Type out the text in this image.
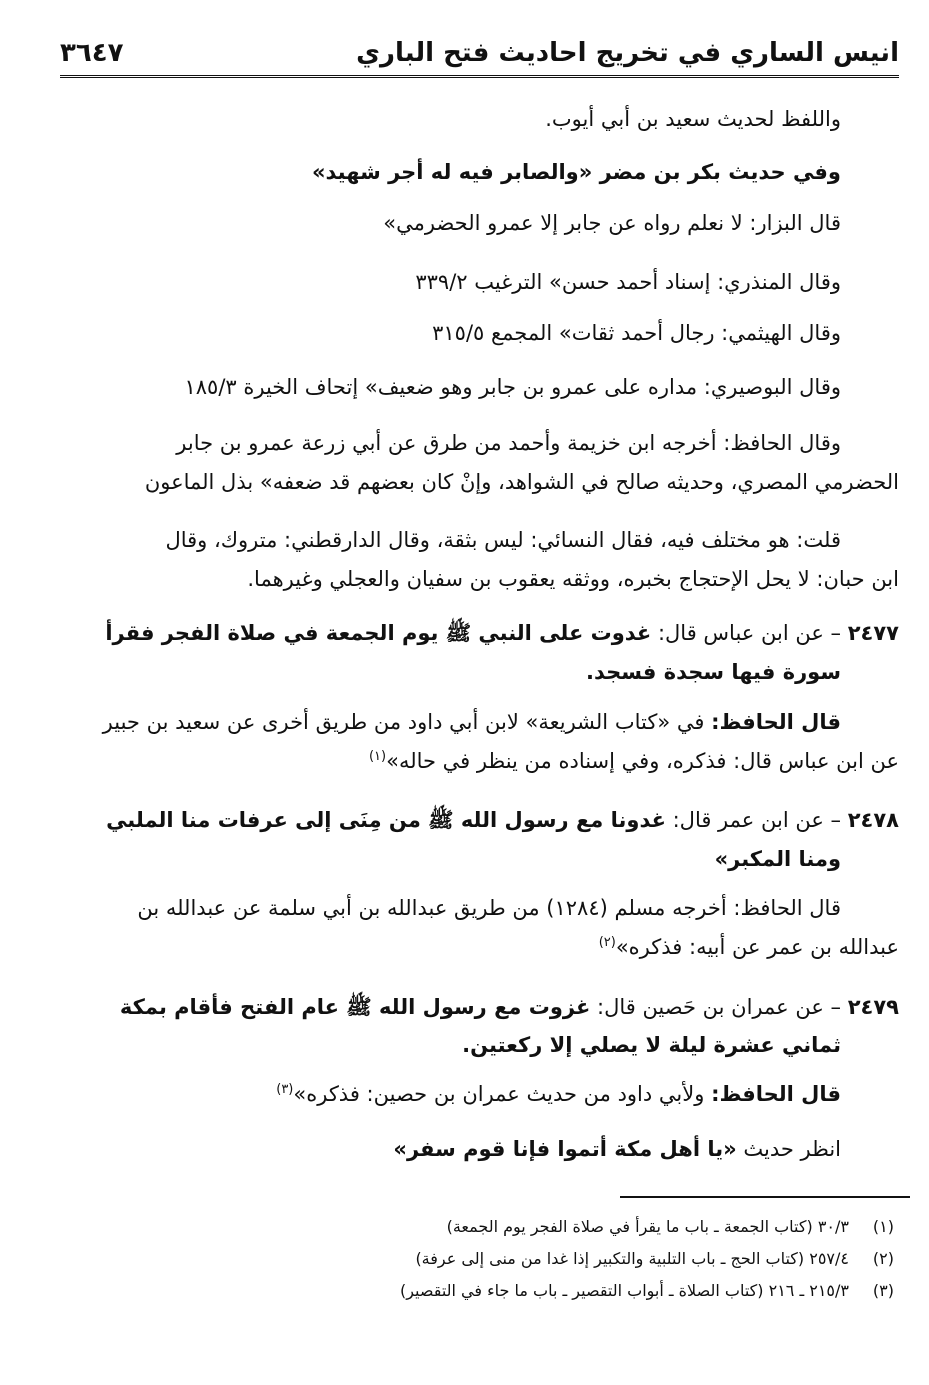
انيس الساري في تخريج احاديث فتح الباري
٣٦٤٧
واللفظ لحديث سعيد بن أبي أيوب.
وفي حديث بكر بن مضر «والصابر فيه له أجر شهيد»
قال البزار: لا نعلم رواه عن جابر إلا عمرو الحضرمي»
وقال المنذري: إسناد أحمد حسن» الترغيب ٣٣٩/٢
وقال الهيثمي: رجال أحمد ثقات» المجمع ٣١٥/٥
وقال البوصيري: مداره على عمرو بن جابر وهو ضعيف» إتحاف الخيرة ١٨٥/٣
وقال الحافظ: أخرجه ابن خزيمة وأحمد من طرق عن أبي زرعة عمرو بن جابر
الحضرمي المصري، وحديثه صالح في الشواهد، وإنْ كان بعضهم قد ضعفه» بذل الماعون
قلت: هو مختلف فيه، فقال النسائي: ليس بثقة، وقال الدارقطني: متروك، وقال
ابن حبان: لا يحل الإحتجاج بخبره، ووثقه يعقوب بن سفيان والعجلي وغيرهما.
٢٤٧٧ – عن ابن عباس قال: غدوت على النبي ﷺ يوم الجمعة في صلاة الفجر فقرأ
سورة فيها سجدة فسجد.
قال الحافظ: في «كتاب الشريعة» لابن أبي داود من طريق أخرى عن سعيد بن جبير
عن ابن عباس قال: فذكره، وفي إسناده من ينظر في حاله»$^{(١)}$
٢٤٧٨ – عن ابن عمر قال: غدونا مع رسول الله ﷺ من مِنَى إلى عرفات منا الملبي
ومنا المكبر»
قال الحافظ: أخرجه مسلم (١٢٨٤) من طريق عبدالله بن أبي سلمة عن عبدالله بن
عبدالله بن عمر عن أبيه: فذكره»$^{(٢)}$
٢٤٧٩ – عن عمران بن حَصين قال: غزوت مع رسول الله ﷺ عام الفتح فأقام بمكة
ثماني عشرة ليلة لا يصلي إلا ركعتين.
قال الحافظ: ولأبي داود من حديث عمران بن حصين: فذكره»$^{(٣)}$
انظر حديث «يا أهل مكة أتموا فإنا قوم سفر»
(١)٣٠/٣ (كتاب الجمعة ـ باب ما يقرأ في صلاة الفجر يوم الجمعة)
(٢)٢٥٧/٤ (كتاب الحج ـ باب التلبية والتكبير إذا غدا من منى إلى عرفة)
(٣)٢١٥/٣ ـ ٢١٦ (كتاب الصلاة ـ أبواب التقصير ـ باب ما جاء في التقصير)
